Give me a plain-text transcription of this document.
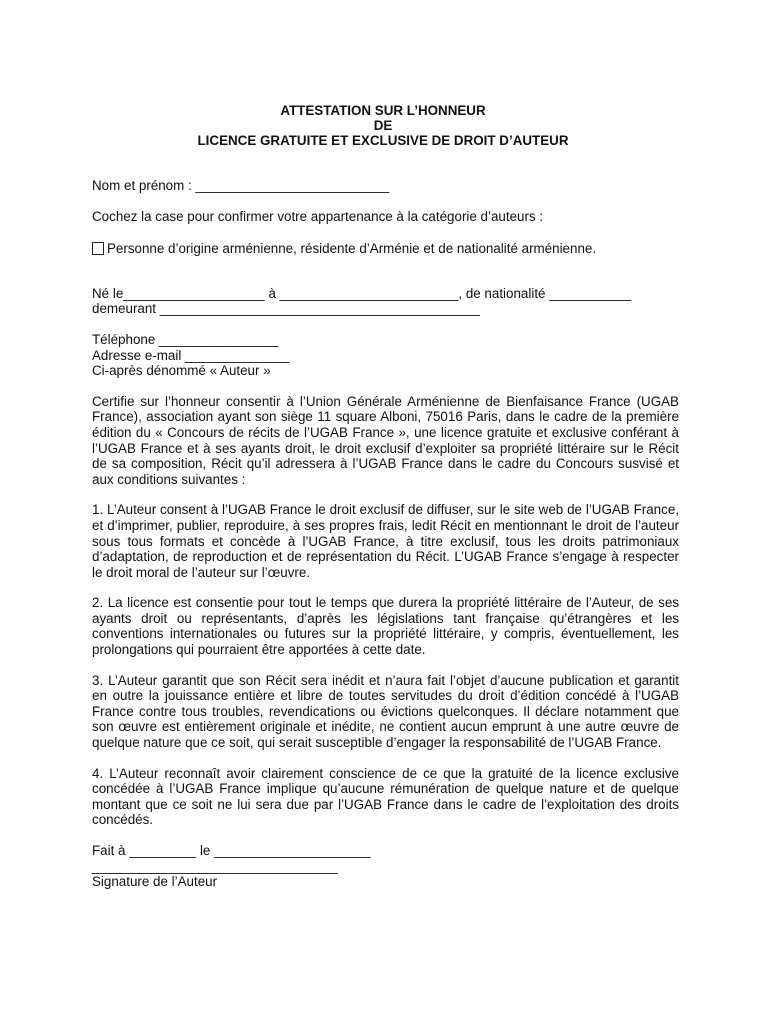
ATTESTATION SUR L’HONNEUR
DE
LICENCE GRATUITE ET EXCLUSIVE DE DROIT D’AUTEUR
Nom et prénom : __________________________
Cochez la case pour confirmer votre appartenance à la catégorie d’auteurs :
Personne d’origine arménienne, résidente d’Arménie et de nationalité arménienne.
Né le___________________ à ________________________, de nationalité ___________
demeurant ___________________________________________
Téléphone ________________
Adresse e-mail ______________
Ci-après dénommé « Auteur »

Certifie sur l’honneur consentir à l’Union Générale Arménienne de Bienfaisance France (UGAB France), association ayant son siège 11 square Alboni, 75016 Paris, dans le cadre de la première édition du « Concours de récits de l’UGAB France », une licence gratuite et exclusive conférant à l’UGAB France et à ses ayants droit, le droit exclusif d’exploiter sa propriété littéraire sur le Récit de sa composition, Récit qu’il adressera à l’UGAB France dans le cadre du Concours susvisé et aux conditions suivantes :

1. L’Auteur consent à l’UGAB France le droit exclusif de diffuser, sur le site web de l’UGAB France, et d’imprimer, publier, reproduire, à ses propres frais, ledit Récit en mentionnant le droit de l’auteur sous tous formats et concède à l’UGAB France, à titre exclusif, tous les droits patrimoniaux d’adaptation, de reproduction et de représentation du Récit. L’UGAB France s’engage à respecter le droit moral de l’auteur sur l’œuvre.

2. La licence est consentie pour tout le temps que durera la propriété littéraire de l’Auteur, de ses ayants droit ou représentants, d’après les législations tant française qu’étrangères et les conventions internationales ou futures sur la propriété littéraire, y compris, éventuellement, les prolongations qui pourraient être apportées à cette date.

3. L’Auteur garantit que son Récit sera inédit et n’aura fait l’objet d’aucune publication et garantit en outre la jouissance entière et libre de toutes servitudes du droit d’édition concédé à l’UGAB France contre tous troubles, revendications ou évictions quelconques. Il déclare notamment que son œuvre est entièrement originale et inédite, ne contient aucun emprunt à une autre œuvre de quelque nature que ce soit, qui serait susceptible d’engager la responsabilité de l’UGAB France.

4. L’Auteur reconnaît avoir clairement conscience de ce que la gratuité de la licence exclusive concédée à l’UGAB France implique qu’aucune rémunération de quelque nature et de quelque montant que ce soit ne lui sera due par l’UGAB France dans le cadre de l’exploitation des droits concédés.

Fait à _________ le _____________________
_________________________________
Signature de l’Auteur
